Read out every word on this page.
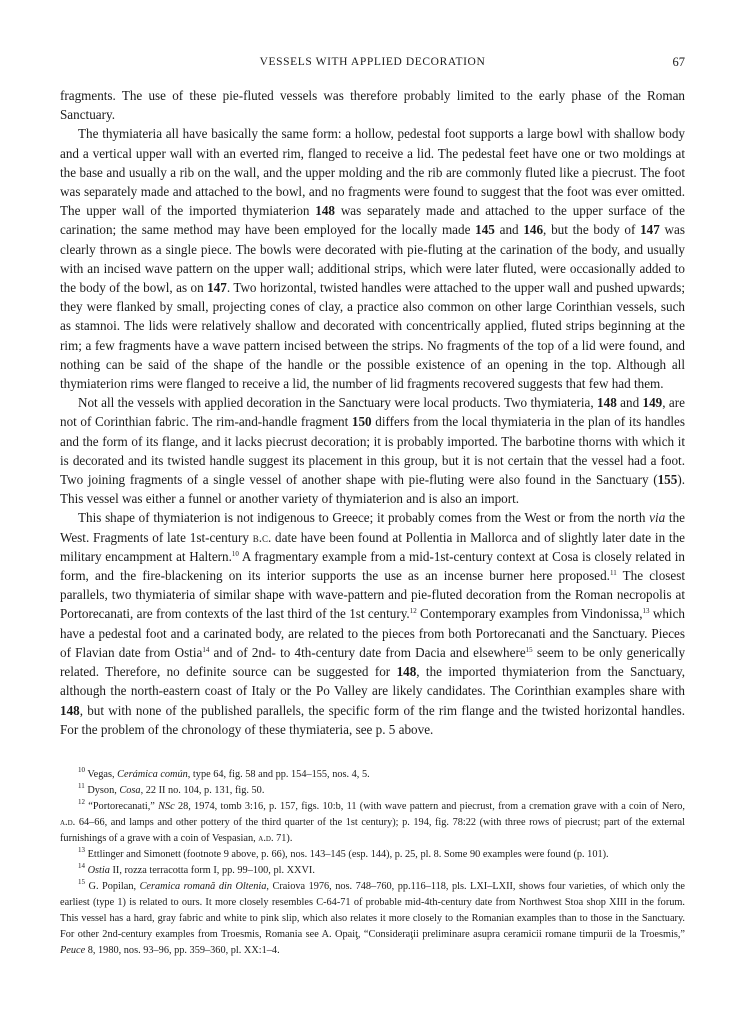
VESSELS WITH APPLIED DECORATION	67

fragments. The use of these pie-fluted vessels was therefore probably limited to the early phase of the Roman Sanctuary.

The thymiateria all have basically the same form: a hollow, pedestal foot supports a large bowl with shallow body and a vertical upper wall with an everted rim, flanged to receive a lid. The pedestal feet have one or two moldings at the base and usually a rib on the wall, and the upper molding and the rib are commonly fluted like a piecrust. The foot was separately made and attached to the bowl, and no fragments were found to suggest that the foot was ever omitted. The upper wall of the imported thymiaterion 148 was separately made and attached to the upper surface of the carination; the same method may have been employed for the locally made 145 and 146, but the body of 147 was clearly thrown as a single piece. The bowls were decorated with pie-fluting at the carination of the body, and usually with an incised wave pattern on the upper wall; additional strips, which were later fluted, were occasionally added to the body of the bowl, as on 147. Two horizontal, twisted handles were attached to the upper wall and pushed upwards; they were flanked by small, projecting cones of clay, a practice also common on other large Corinthian vessels, such as stamnoi. The lids were relatively shallow and decorated with concentrically applied, fluted strips beginning at the rim; a few fragments have a wave pattern incised between the strips. No fragments of the top of a lid were found, and nothing can be said of the shape of the handle or the possible existence of an opening in the top. Although all thymiaterion rims were flanged to receive a lid, the number of lid fragments recovered suggests that few had them.

Not all the vessels with applied decoration in the Sanctuary were local products. Two thymiateria, 148 and 149, are not of Corinthian fabric. The rim-and-handle fragment 150 differs from the local thymiateria in the plan of its handles and the form of its flange, and it lacks piecrust decoration; it is probably imported. The barbotine thorns with which it is decorated and its twisted handle suggest its placement in this group, but it is not certain that the vessel had a foot. Two joining fragments of a single vessel of another shape with pie-fluting were also found in the Sanctuary (155). This vessel was either a funnel or another variety of thymiaterion and is also an import.

This shape of thymiaterion is not indigenous to Greece; it probably comes from the West or from the north via the West. Fragments of late 1st-century b.c. date have been found at Pollentia in Mallorca and of slightly later date in the military encampment at Haltern.$^{10}$ A fragmentary example from a mid-1st-century context at Cosa is closely related in form, and the fire-blackening on its interior supports the use as an incense burner here proposed.$^{11}$ The closest parallels, two thymiateria of similar shape with wave-pattern and pie-fluted decoration from the Roman necropolis at Portorecanati, are from contexts of the last third of the 1st century.$^{12}$ Contemporary examples from Vindonissa,$^{13}$ which have a pedestal foot and a carinated body, are related to the pieces from both Portorecanati and the Sanctuary. Pieces of Flavian date from Ostia$^{14}$ and of 2nd- to 4th-century date from Dacia and elsewhere$^{15}$ seem to be only generically related. Therefore, no definite source can be suggested for 148, the imported thymiaterion from the Sanctuary, although the north-eastern coast of Italy or the Po Valley are likely candidates. The Corinthian examples share with 148, but with none of the published parallels, the specific form of the rim flange and the twisted horizontal handles. For the problem of the chronology of these thymiateria, see p. 5 above.

$^{10}$ Vegas, Cerámica común, type 64, fig. 58 and pp. 154–155, nos. 4, 5.

$^{11}$ Dyson, Cosa, 22 II no. 104, p. 131, fig. 50.

$^{12}$ “Portorecanati,” NSc 28, 1974, tomb 3:16, p. 157, figs. 10:b, 11 (with wave pattern and piecrust, from a cremation grave with a coin of Nero, a.d. 64–66, and lamps and other pottery of the third quarter of the 1st century); p. 194, fig. 78:22 (with three rows of piecrust; part of the external furnishings of a grave with a coin of Vespasian, a.d. 71).

$^{13}$ Ettlinger and Simonett (footnote 9 above, p. 66), nos. 143–145 (esp. 144), p. 25, pl. 8. Some 90 examples were found (p. 101).

$^{14}$ Ostia II, rozza terracotta form I, pp. 99–100, pl. XXVI.

$^{15}$ G. Popilan, Ceramica romană din Oltenia, Craiova 1976, nos. 748–760, pp.116–118, pls. LXI–LXII, shows four varieties, of which only the earliest (type 1) is related to ours. It more closely resembles C-64-71 of probable mid-4th-century date from Northwest Stoa shop XIII in the forum. This vessel has a hard, gray fabric and white to pink slip, which also relates it more closely to the Romanian examples than to those in the Sanctuary. For other 2nd-century examples from Troesmis, Romania see A. Opaiţ, “Consideraţii preliminare asupra ceramicii romane timpurii de la Troesmis,” Peuce 8, 1980, nos. 93–96, pp. 359–360, pl. XX:1–4.
